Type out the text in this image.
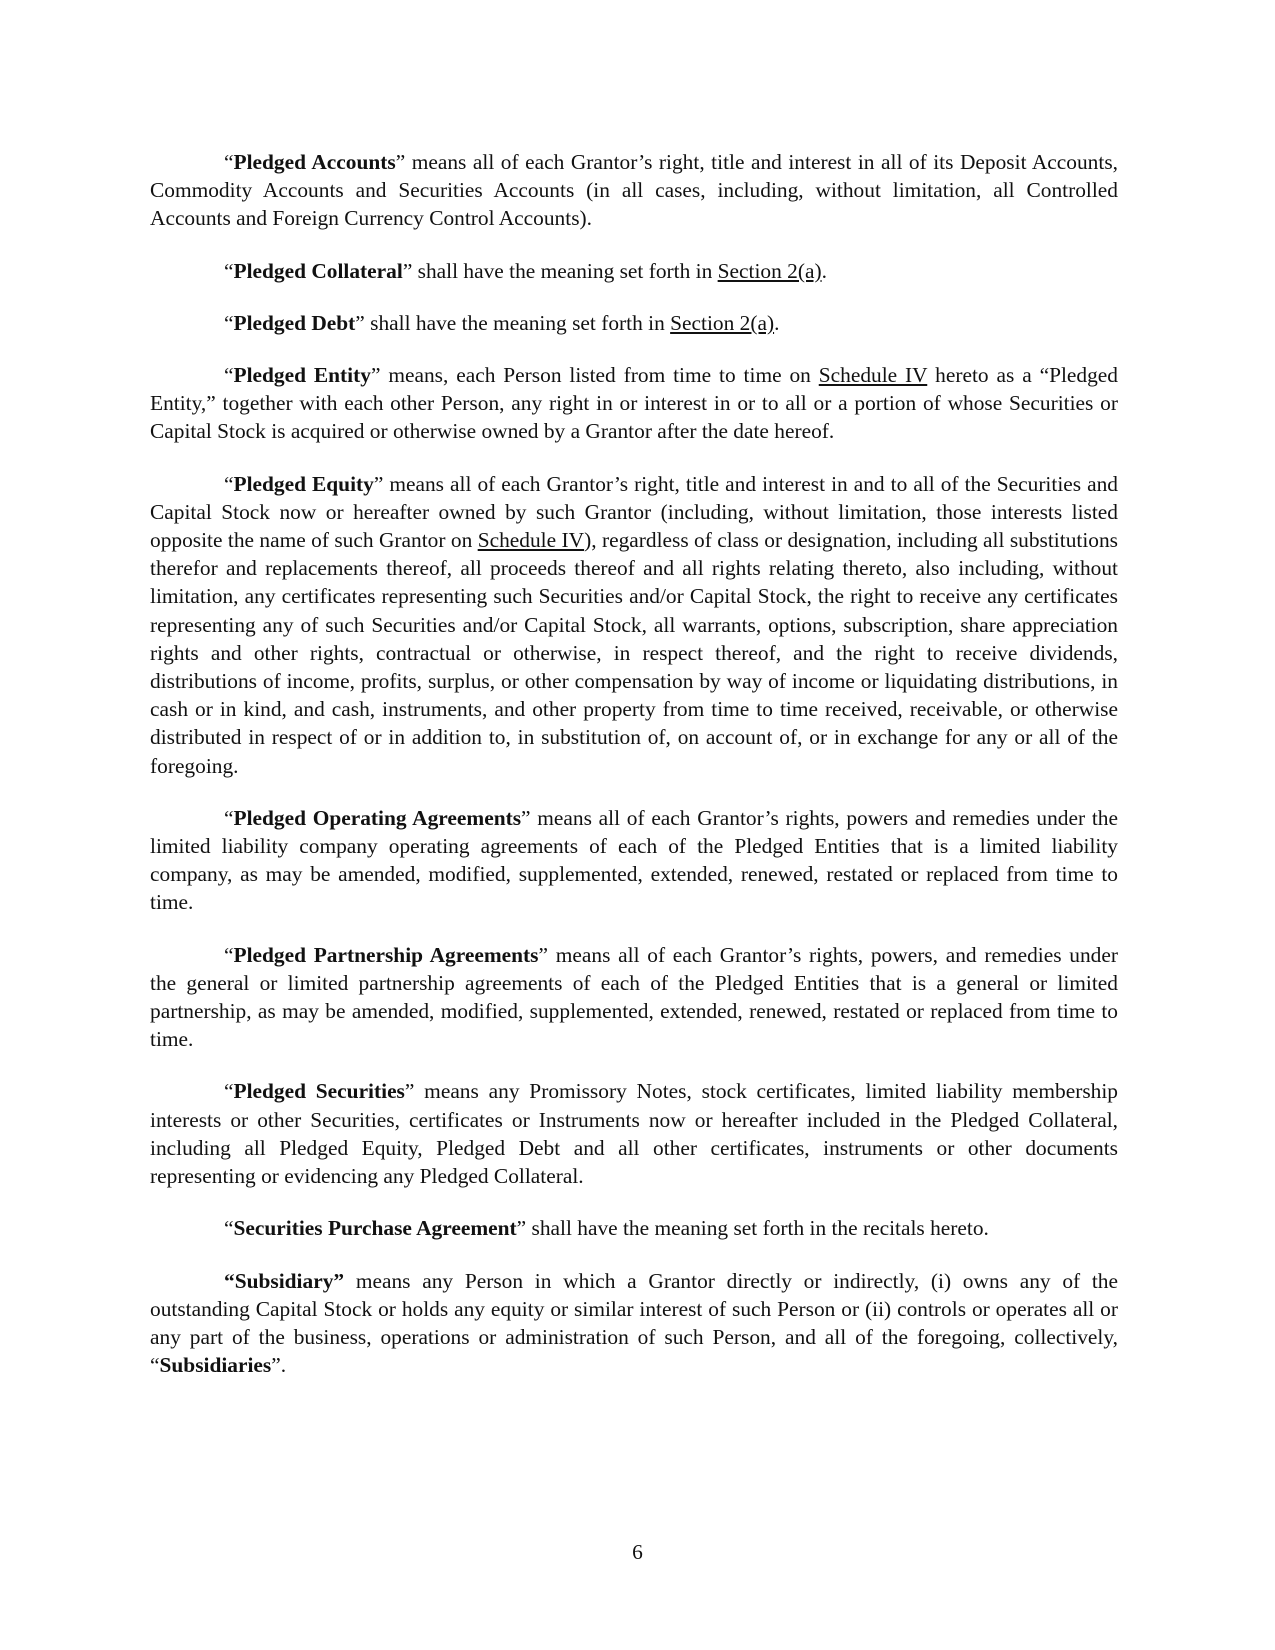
“Pledged Accounts” means all of each Grantor’s right, title and interest in all of its Deposit Accounts, Commodity Accounts and Securities Accounts (in all cases, including, without limitation, all Controlled Accounts and Foreign Currency Control Accounts).

“Pledged Collateral” shall have the meaning set forth in Section 2(a).

“Pledged Debt” shall have the meaning set forth in Section 2(a).

“Pledged Entity” means, each Person listed from time to time on Schedule IV hereto as a “Pledged Entity,” together with each other Person, any right in or interest in or to all or a portion of whose Securities or Capital Stock is acquired or otherwise owned by a Grantor after the date hereof.

“Pledged Equity” means all of each Grantor’s right, title and interest in and to all of the Securities and Capital Stock now or hereafter owned by such Grantor (including, without limitation, those interests listed opposite the name of such Grantor on Schedule IV), regardless of class or designation, including all substitutions therefor and replacements thereof, all proceeds thereof and all rights relating thereto, also including, without limitation, any certificates representing such Securities and/or Capital Stock, the right to receive any certificates representing any of such Securities and/or Capital Stock, all warrants, options, subscription, share appreciation rights and other rights, contractual or otherwise, in respect thereof, and the right to receive dividends, distributions of income, profits, surplus, or other compensation by way of income or liquidating distributions, in cash or in kind, and cash, instruments, and other property from time to time received, receivable, or otherwise distributed in respect of or in addition to, in substitution of, on account of, or in exchange for any or all of the foregoing.

“Pledged Operating Agreements” means all of each Grantor’s rights, powers and remedies under the limited liability company operating agreements of each of the Pledged Entities that is a limited liability company, as may be amended, modified, supplemented, extended, renewed, restated or replaced from time to time.

“Pledged Partnership Agreements” means all of each Grantor’s rights, powers, and remedies under the general or limited partnership agreements of each of the Pledged Entities that is a general or limited partnership, as may be amended, modified, supplemented, extended, renewed, restated or replaced from time to time.

“Pledged Securities” means any Promissory Notes, stock certificates, limited liability membership interests or other Securities, certificates or Instruments now or hereafter included in the Pledged Collateral, including all Pledged Equity, Pledged Debt and all other certificates, instruments or other documents representing or evidencing any Pledged Collateral.

“Securities Purchase Agreement” shall have the meaning set forth in the recitals hereto.

“Subsidiary” means any Person in which a Grantor directly or indirectly, (i) owns any of the outstanding Capital Stock or holds any equity or similar interest of such Person or (ii) controls or operates all or any part of the business, operations or administration of such Person, and all of the foregoing, collectively, “Subsidiaries”.

6
